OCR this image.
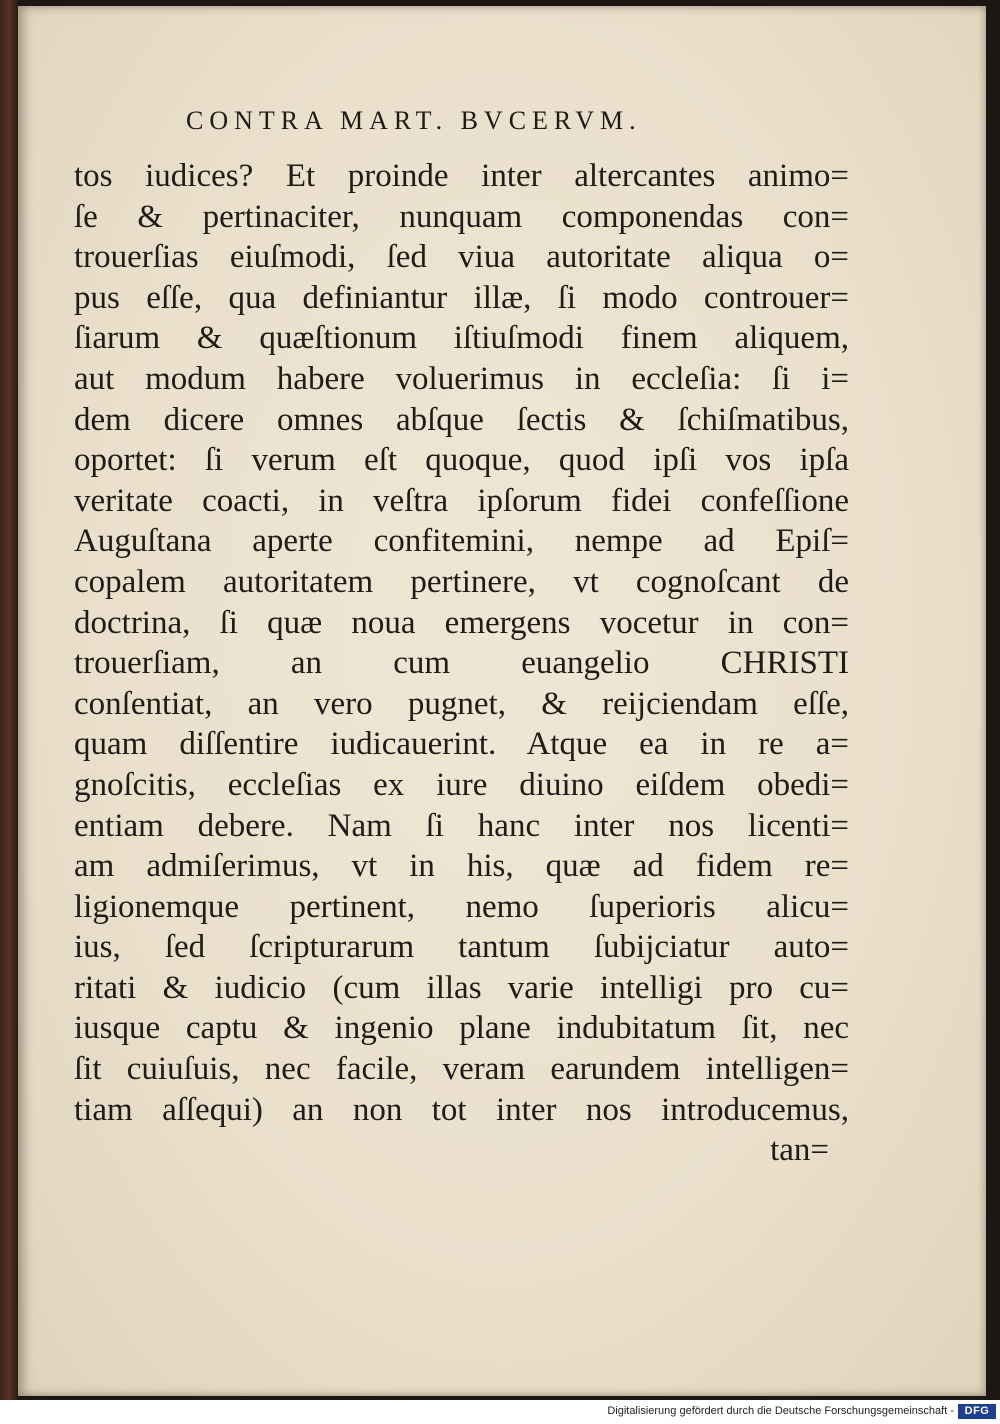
CONTRA MART. BVCERVM.
tos iudices? Et proinde inter altercantes animo=
ſe & pertinaciter, nunquam componendas con=
trouerſias eiuſmodi, ſed viua autoritate aliqua o=
pus eſſe, qua definiantur illæ, ſi modo controuer=
ſiarum & quæſtionum iſtiuſmodi finem aliquem,
aut modum habere voluerimus in eccleſia: ſi i=
dem dicere omnes abſque ſectis & ſchiſmatibus,
oportet: ſi verum eſt quoque, quod ipſi vos ipſa
veritate coacti, in veſtra ipſorum fidei confeſſione
Auguſtana aperte confitemini, nempe ad Epiſ=
copalem autoritatem pertinere, vt cognoſcant de
doctrina, ſi quæ noua emergens vocetur in con=
trouerſiam, an cum euangelio CHRISTI
conſentiat, an vero pugnet, & reijciendam eſſe,
quam diſſentire iudicauerint. Atque ea in re a=
gnoſcitis, eccleſias ex iure diuino eiſdem obedi=
entiam debere. Nam ſi hanc inter nos licenti=
am admiſerimus, vt in his, quæ ad fidem re=
ligionemque pertinent, nemo ſuperioris alicu=
ius, ſed ſcripturarum tantum ſubijciatur auto=
ritati & iudicio (cum illas varie intelligi pro cu=
iusque captu & ingenio plane indubitatum ſit, nec
ſit cuiuſuis, nec facile, veram earundem intelligen=
tiam aſſequi) an non tot inter nos introducemus,
tan=
Digitalisierung gefördert durch die Deutsche Forschungsgemeinschaft - DFG
